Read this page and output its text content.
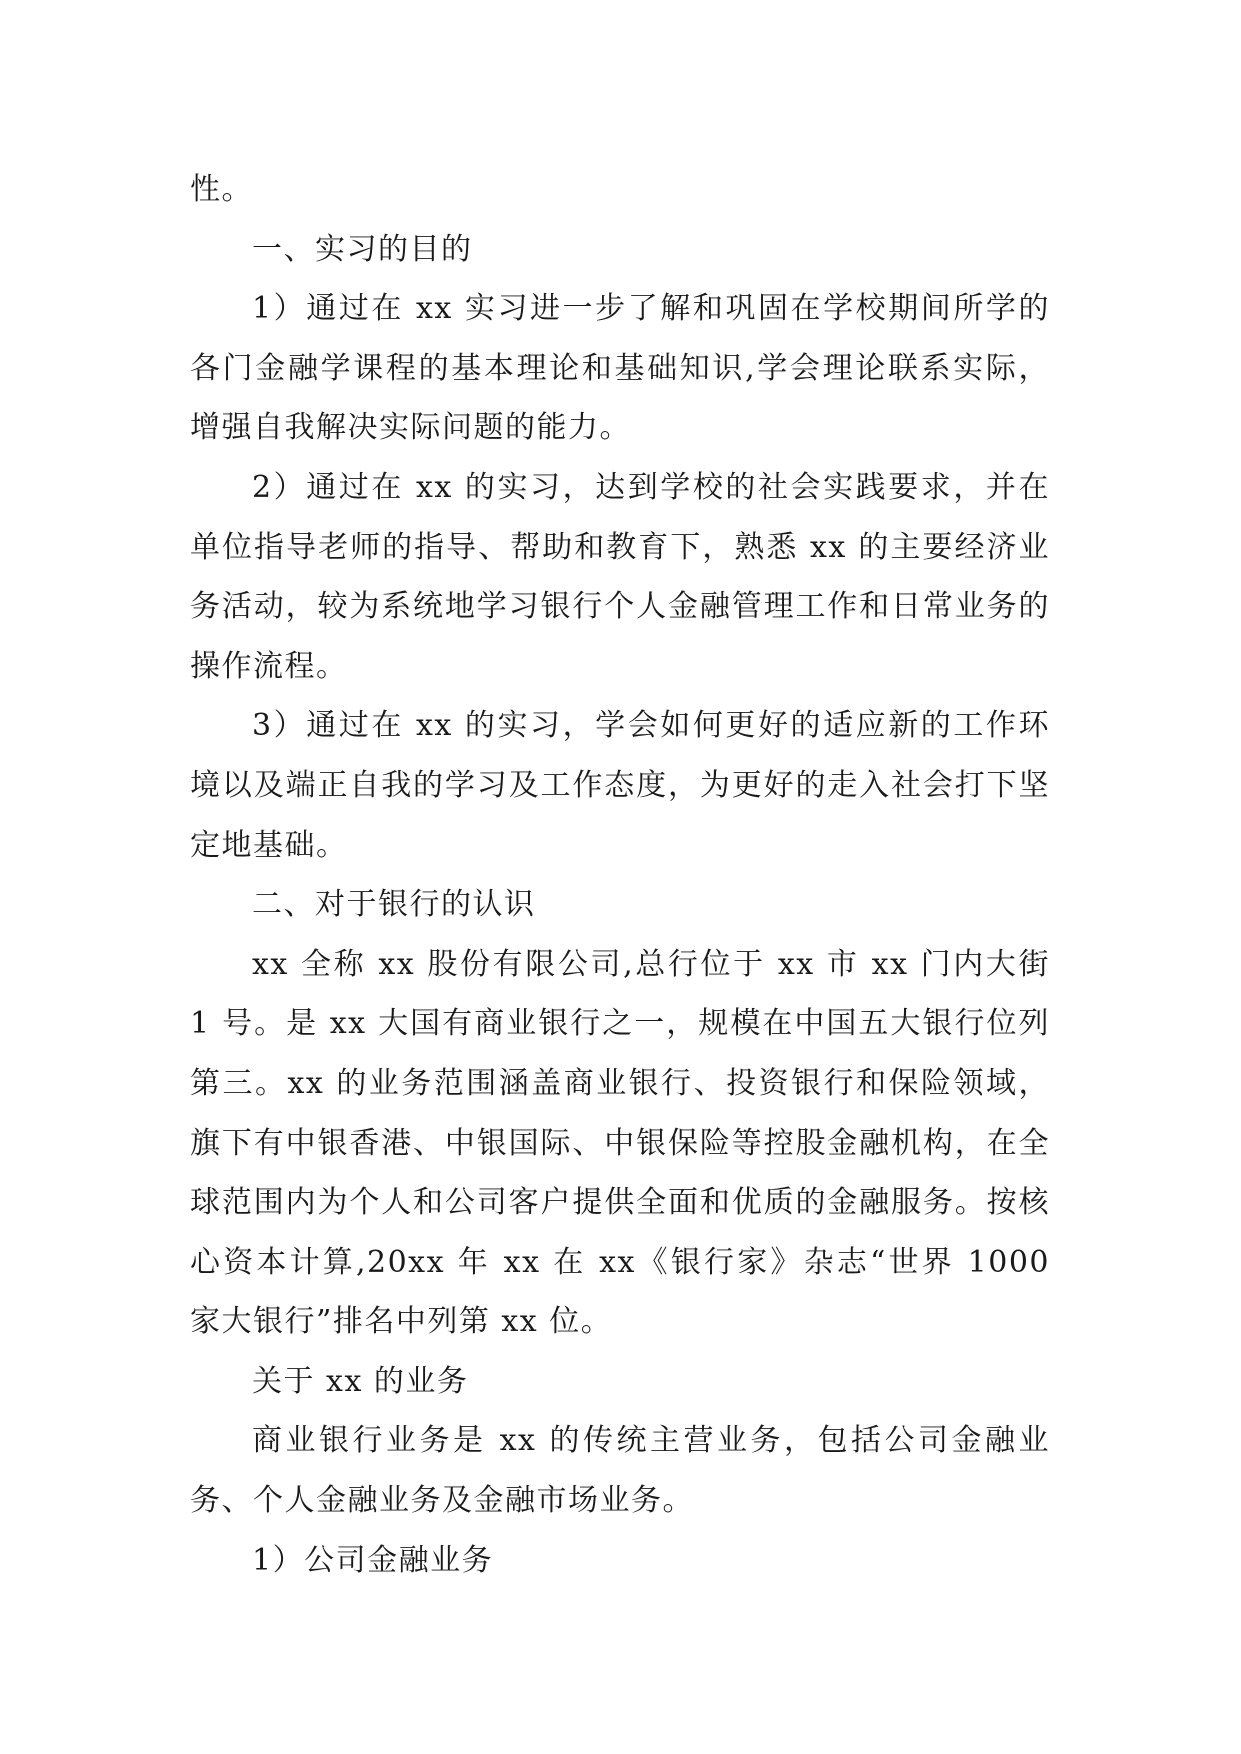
性。

一、实习的目的

1）通过在 xx 实习进一步了解和巩固在学校期间所学的各门金融学课程的基本理论和基础知识,学会理论联系实际，增强自我解决实际问题的能力。

2）通过在 xx 的实习，达到学校的社会实践要求，并在单位指导老师的指导、帮助和教育下，熟悉 xx 的主要经济业务活动，较为系统地学习银行个人金融管理工作和日常业务的操作流程。

3）通过在 xx 的实习，学会如何更好的适应新的工作环境以及端正自我的学习及工作态度，为更好的走入社会打下坚定地基础。

二、对于银行的认识

xx 全称 xx 股份有限公司,总行位于 xx 市 xx 门内大街 1 号。是 xx 大国有商业银行之一，规模在中国五大银行位列第三。xx 的业务范围涵盖商业银行、投资银行和保险领域，旗下有中银香港、中银国际、中银保险等控股金融机构，在全球范围内为个人和公司客户提供全面和优质的金融服务。按核心资本计算,20xx 年 xx 在 xx《银行家》杂志“世界 1000 家大银行”排名中列第 xx 位。

关于 xx 的业务

商业银行业务是 xx 的传统主营业务，包括公司金融业务、个人金融业务及金融市场业务。

1）公司金融业务
